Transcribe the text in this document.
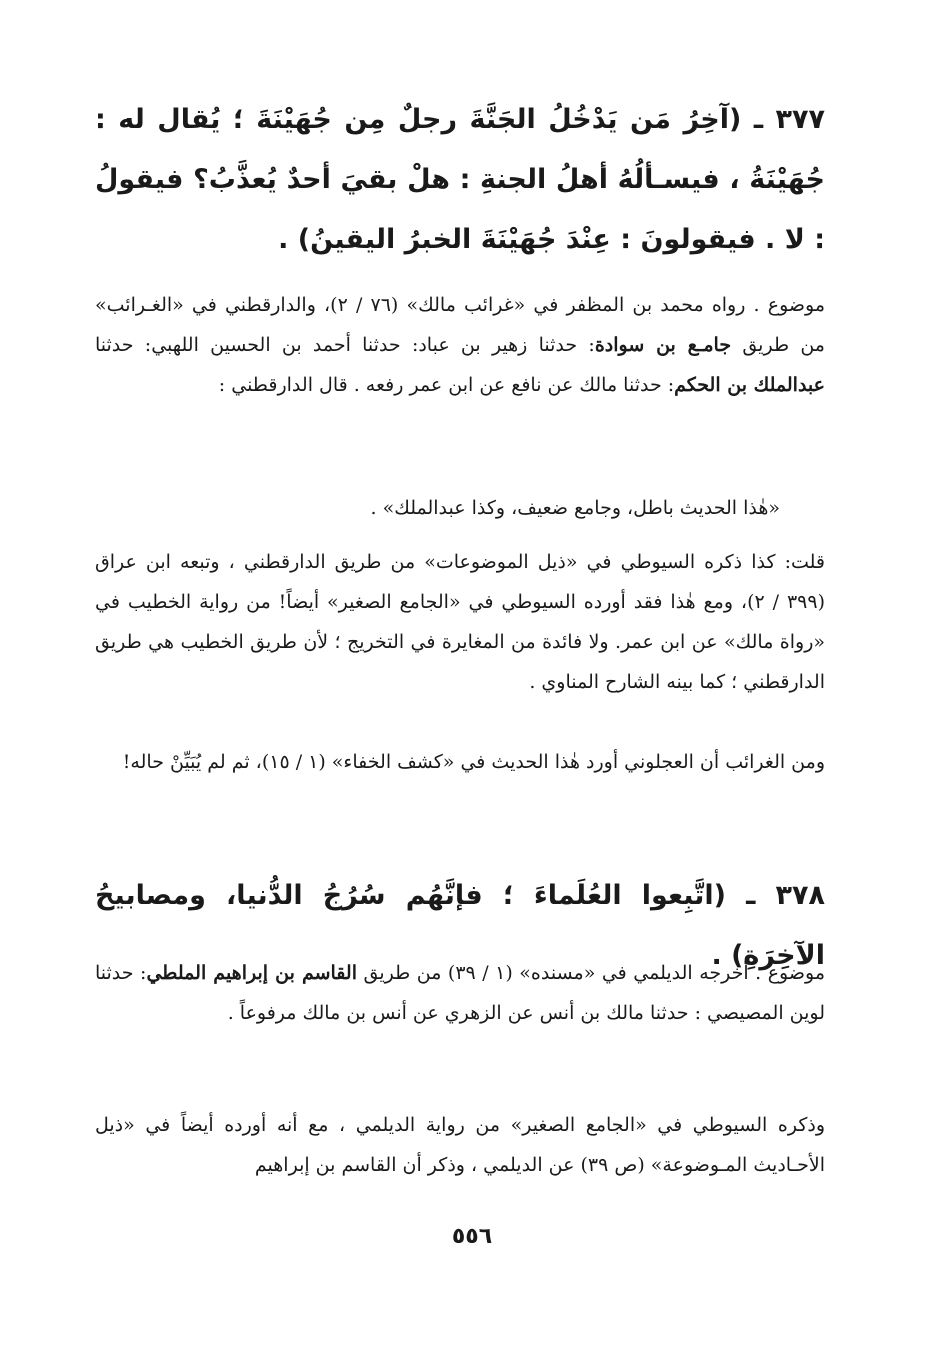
٣٧٧ ـ (آخِرُ مَن يَدْخُلُ الجَنَّةَ رجلٌ مِن جُهَيْنَةَ ؛ يُقال له : جُهَيْنَةُ ، فيسـألُهُ أهلُ الجنةِ : هلْ بقيَ أحدٌ يُعذَّبُ؟ فيقولُ : لا . فيقولونَ : عِنْدَ جُهَيْنَةَ الخبرُ اليقينُ) .
موضوع . رواه محمد بن المظفر في «غرائب مالك» (٧٦ / ٢)، والدارقطني في «الغـرائب» من طريق جامـع بن سوادة: حدثنا زهير بن عباد: حدثنا أحمد بن الحسين اللهبي: حدثنا عبدالملك بن الحكم: حدثنا مالك عن نافع عن ابن عمر رفعه . قال الدارقطني :
«هٰذا الحديث باطل، وجامع ضعيف، وكذا عبدالملك» .
قلت: كذا ذكره السيوطي في «ذيل الموضوعات» من طريق الدارقطني ، وتبعه ابن عراق (٣٩٩ / ٢)، ومع هٰذا فقد أورده السيوطي في «الجامع الصغير» أيضاً! من رواية الخطيب في «رواة مالك» عن ابن عمر. ولا فائدة من المغايرة في التخريج ؛ لأن طريق الخطيب هي طريق الدارقطني ؛ كما بينه الشارح المناوي .
ومن الغرائب أن العجلوني أورد هٰذا الحديث في «كشف الخفاء» (١ / ١٥)، ثم لم يُبَيِّنْ حاله!
٣٧٨ ـ (اتَّبِعوا العُلَماءَ ؛ فإنَّهُم سُرُجُ الدُّنيا، ومصابيحُ الآخِرَةِ) .
موضوع . أخرجه الديلمي في «مسنده» (١ / ٣٩) من طريق القاسم بن إبراهيم الملطي: حدثنا لوين المصيصي : حدثنا مالك بن أنس عن الزهري عن أنس بن مالك مرفوعاً .
وذكره السيوطي في «الجامع الصغير» من رواية الديلمي ، مع أنه أورده أيضاً في «ذيل الأحـاديث المـوضوعة» (ص ٣٩) عن الديلمي ، وذكر أن القاسم بن إبراهيم
٥٥٦
